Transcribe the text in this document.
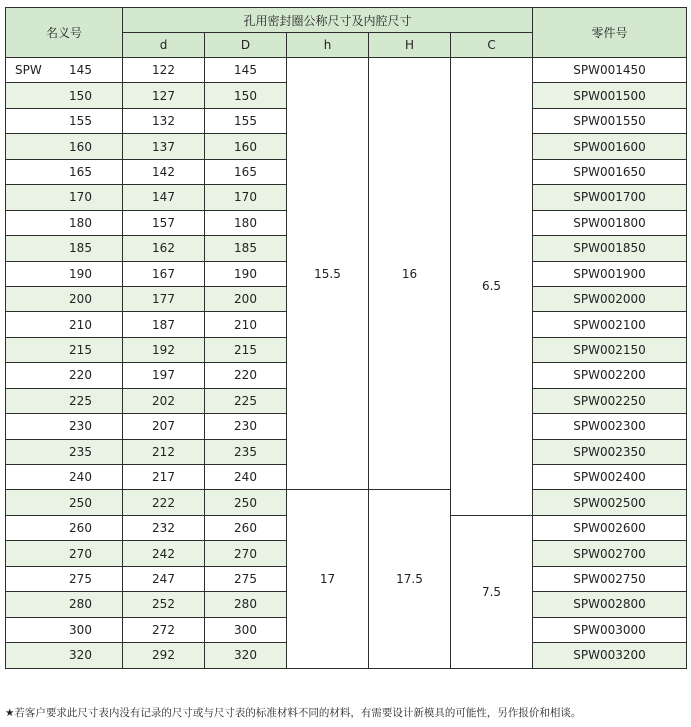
名义号	孔用密封圈公称尺寸及内腔尺寸					零件号
	d	D	h	H	C	
SPW 145	122	145	15.5	16	6.5	SPW001450
150	127	150				SPW001500
155	132	155				SPW001550
160	137	160				SPW001600
165	142	165				SPW001650
170	147	170				SPW001700
180	157	180				SPW001800
185	162	185				SPW001850
190	167	190				SPW001900
200	177	200				SPW002000
210	187	210				SPW002100
215	192	215				SPW002150
220	197	220				SPW002200
225	202	225				SPW002250
230	207	230				SPW002300
235	212	235				SPW002350
240	217	240				SPW002400
250	222	250	17	17.5		SPW002500
260	232	260			7.5	SPW002600
270	242	270				SPW002700
275	247	275				SPW002750
280	252	280				SPW002800
300	272	300				SPW003000
320	292	320				SPW003200
★若客户要求此尺寸表内没有记录的尺寸或与尺寸表的标准材料不同的材料，有需要设计新模具的可能性，另作报价和相谈。
